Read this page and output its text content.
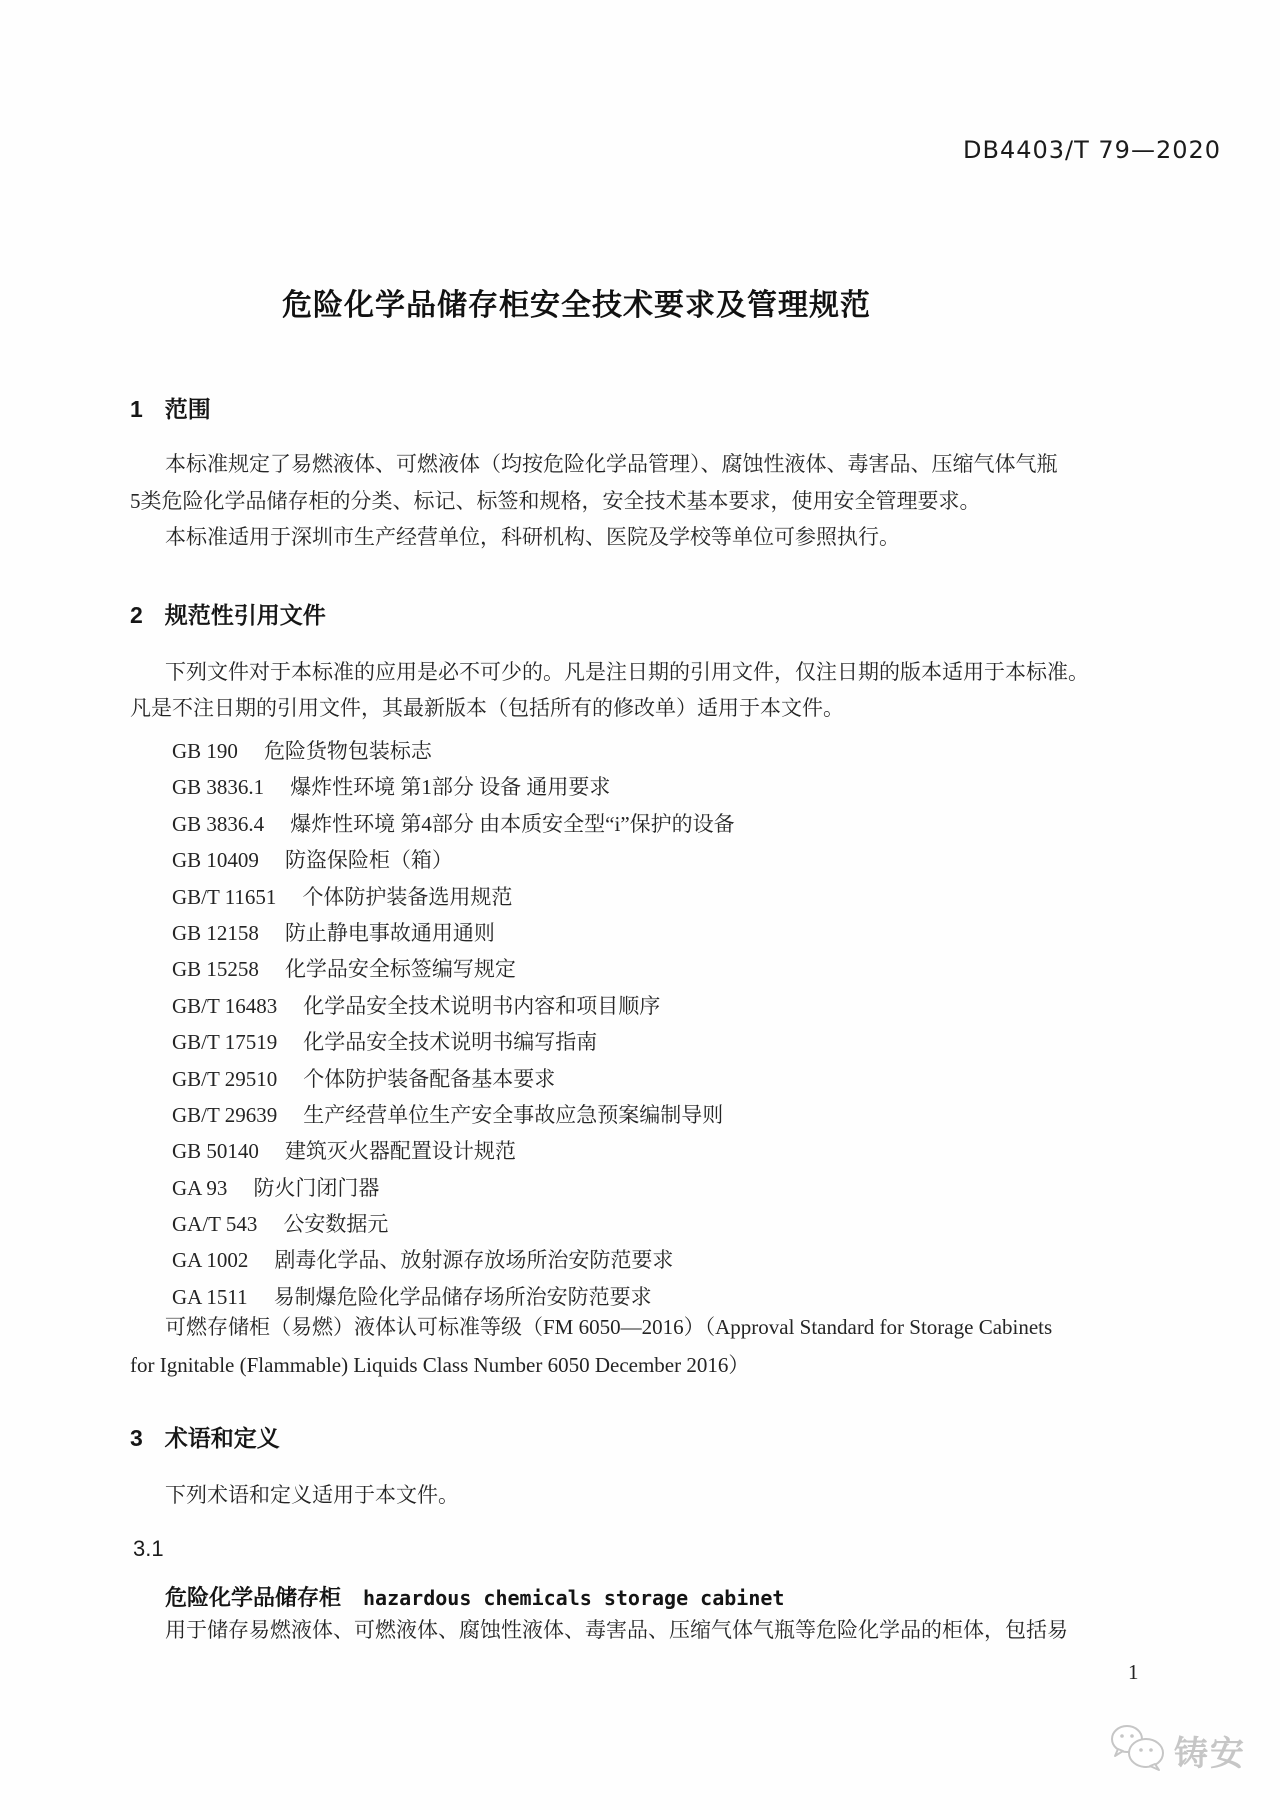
DB4403/T 79—2020
危险化学品储存柜安全技术要求及管理规范
1 范围
本标准规定了易燃液体、可燃液体（均按危险化学品管理）、腐蚀性液体、毒害品、压缩气体气瓶
5类危险化学品储存柜的分类、标记、标签和规格，安全技术基本要求，使用安全管理要求。
本标准适用于深圳市生产经营单位，科研机构、医院及学校等单位可参照执行。
2 规范性引用文件
下列文件对于本标准的应用是必不可少的。凡是注日期的引用文件，仅注日期的版本适用于本标准。
凡是不注日期的引用文件，其最新版本（包括所有的修改单）适用于本文件。
GB 190 危险货物包装标志
GB 3836.1 爆炸性环境 第1部分 设备 通用要求
GB 3836.4 爆炸性环境 第4部分 由本质安全型“i”保护的设备
GB 10409 防盗保险柜（箱）
GB/T 11651 个体防护装备选用规范
GB 12158 防止静电事故通用通则
GB 15258 化学品安全标签编写规定
GB/T 16483 化学品安全技术说明书内容和项目顺序
GB/T 17519 化学品安全技术说明书编写指南
GB/T 29510 个体防护装备配备基本要求
GB/T 29639 生产经营单位生产安全事故应急预案编制导则
GB 50140 建筑灭火器配置设计规范
GA 93 防火门闭门器
GA/T 543 公安数据元
GA 1002 剧毒化学品、放射源存放场所治安防范要求
GA 1511 易制爆危险化学品储存场所治安防范要求
可燃存储柜（易燃）液体认可标准等级（FM 6050—2016）（Approval Standard for Storage Cabinets
for Ignitable (Flammable) Liquids Class Number 6050 December 2016）
3 术语和定义
下列术语和定义适用于本文件。
3.1
危险化学品储存柜 hazardous chemicals storage cabinet
用于储存易燃液体、可燃液体、腐蚀性液体、毒害品、压缩气体气瓶等危险化学品的柜体，包括易
1
铸安
